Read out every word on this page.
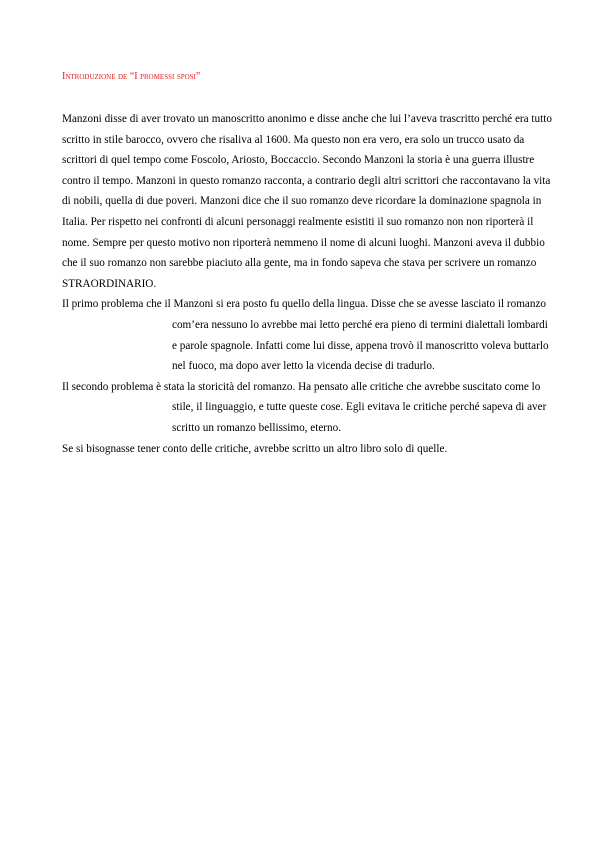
Introduzione de “I promessi sposi”

Manzoni disse di aver trovato un manoscritto anonimo e disse anche che lui l’aveva trascritto perché era tutto scritto in stile barocco, ovvero che risaliva al 1600. Ma questo non era vero, era solo un trucco usato da scrittori di quel tempo come Foscolo, Ariosto, Boccaccio. Secondo Manzoni la storia è una guerra illustre contro il tempo. Manzoni in questo romanzo racconta, a contrario degli altri scrittori che raccontavano la vita di nobili, quella di due poveri. Manzoni dice che il suo romanzo deve ricordare la dominazione spagnola in Italia. Per rispetto nei confronti di alcuni personaggi realmente esistiti il suo romanzo non non riporterà il nome. Sempre per questo motivo non riporterà nemmeno il nome di alcuni luoghi. Manzoni aveva il dubbio che il suo romanzo non sarebbe piaciuto alla gente, ma in fondo sapeva che stava per scrivere un romanzo STRAORDINARIO.

Il primo problema che il Manzoni si era posto fu quello della lingua. Disse che se avesse lasciato il romanzo com’era nessuno lo avrebbe mai letto perché era pieno di termini dialettali lombardi e parole spagnole. Infatti come lui disse, appena trovò il manoscritto voleva buttarlo nel fuoco, ma dopo aver letto la vicenda decise di tradurlo.

Il secondo problema è stata la storicità del romanzo. Ha pensato alle critiche che avrebbe suscitato come lo stile, il linguaggio, e tutte queste cose. Egli evitava le critiche perché sapeva di aver scritto un romanzo bellissimo, eterno.

Se si bisognasse tener conto delle critiche, avrebbe scritto un altro libro solo di quelle.
